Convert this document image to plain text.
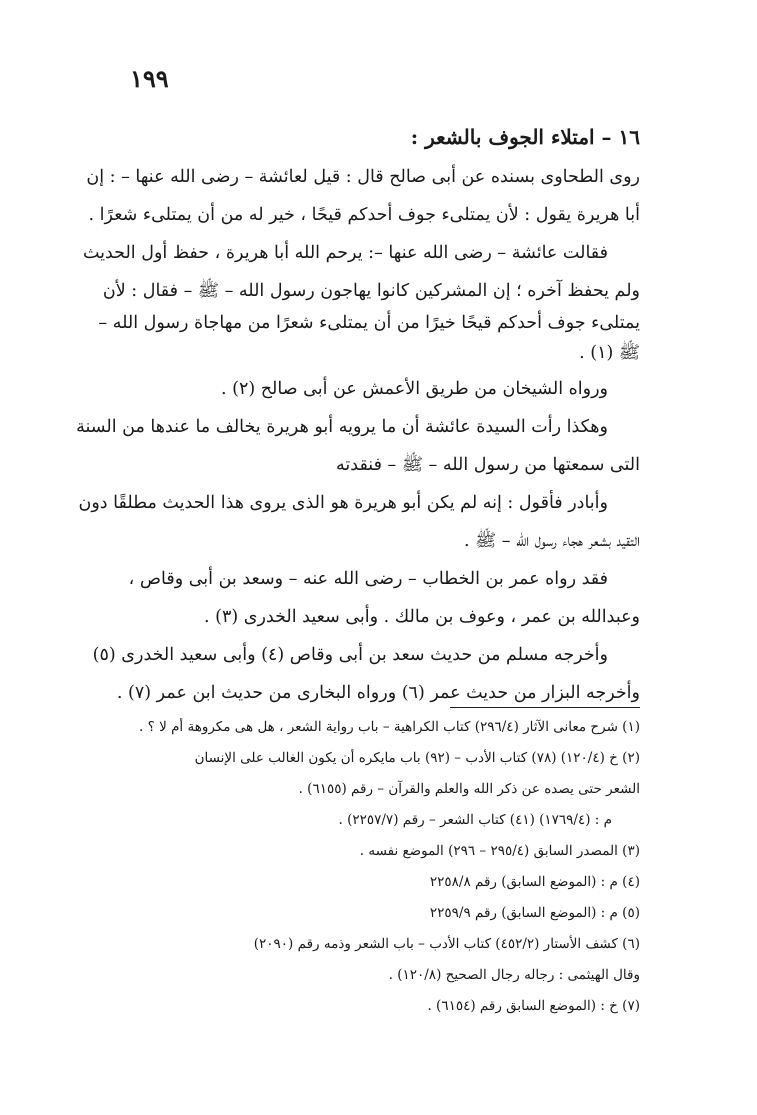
١٩٩
١٦ – امتلاء الجوف بالشعر :
روى الطحاوى بسنده عن أبى صالح قال : قيل لعائشة – رضى الله عنها – : إن
أبا هريرة يقول : لأن يمتلىء جوف أحدكم قيحًا ، خير له من أن يمتلىء شعرًا .
فقالت عائشة – رضى الله عنها –: يرحم الله أبا هريرة ، حفظ أول الحديث
ولم يحفظ آخره ؛ إن المشركين كانوا يهاجون رسول الله – ﷺ – فقال : لأن
يمتلىء جوف أحدكم قيحًا خيرًا من أن يمتلىء شعرًا من مهاجاة رسول الله –
ﷺ (١) .
ورواه الشيخان من طريق الأعمش عن أبى صالح (٢) .
وهكذا رأت السيدة عائشة أن ما يرويه أبو هريرة يخالف ما عندها من السنة
التى سمعتها من رسول الله – ﷺ – فنقدته
وأبادر فأقول : إنه لم يكن أبو هريرة هو الذى يروى هذا الحديث مطلقًا دون
التقيد بشعر هجاء رسول الله – ﷺ .
فقد رواه عمر بن الخطاب – رضى الله عنه – وسعد بن أبى وقاص ،
وعبدالله بن عمر ، وعوف بن مالك . وأبى سعيد الخدرى (٣) .
وأخرجه مسلم من حديث سعد بن أبى وقاص (٤) وأبى سعيد الخدرى (٥)
وأخرجه البزار من حديث عمر (٦) ورواه البخارى من حديث ابن عمر (٧) .
(١) شرح معانى الآثار (٢٩٦/٤) كتاب الكراهية – باب رواية الشعر ، هل هى مكروهة أم لا ؟ .
(٢) خ (١٢٠/٤) (٧٨) كتاب الأدب – (٩٢) باب مايكره أن يكون الغالب على الإنسان
الشعر حتى يصده عن ذكر الله والعلم والقرآن – رقم (٦١٥٥) .
م : (١٧٦٩/٤) (٤١) كتاب الشعر – رقم (٢٢٥٧/٧) .
(٣) المصدر السابق (٢٩٥/٤ – ٢٩٦) الموضع نفسه .
(٤) م : (الموضع السابق) رقم ٢٢٥٨/٨
(٥) م : (الموضع السابق) رقم ٢٢٥٩/٩
(٦) كشف الأستار (٤٥٢/٢) كتاب الأدب – باب الشعر وذمه رقم (٢٠٩٠)
وقال الهيثمى : رجاله رجال الصحيح (١٢٠/٨) .
(٧) خ : (الموضع السابق رقم (٦١٥٤) .
